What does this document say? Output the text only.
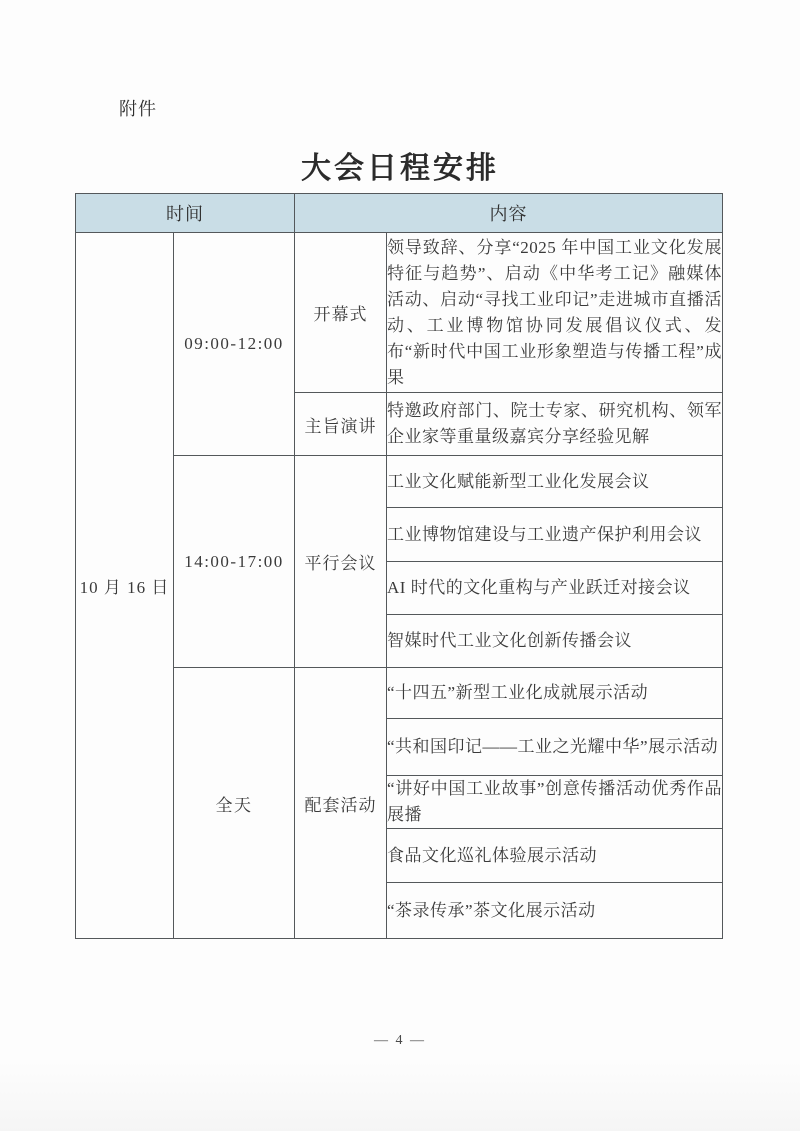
附件
大会日程安排
时间		内容	
10 月 16 日	09:00-12:00	开幕式	领导致辞、分享“2025 年中国工业文化发展特征与趋势”、启动《中华考工记》融媒体活动、启动“寻找工业印记”走进城市直播活动、工业博物馆协同发展倡议仪式、发布“新时代中国工业形象塑造与传播工程”成果
		主旨演讲	特邀政府部门、院士专家、研究机构、领军企业家等重量级嘉宾分享经验见解
	14:00-17:00	平行会议	工业文化赋能新型工业化发展会议
			工业博物馆建设与工业遗产保护利用会议
			AI 时代的文化重构与产业跃迁对接会议
			智媒时代工业文化创新传播会议
	全天	配套活动	“十四五”新型工业化成就展示活动
			“共和国印记——工业之光耀中华”展示活动
			“讲好中国工业故事”创意传播活动优秀作品展播
			食品文化巡礼体验展示活动
			“茶录传承”茶文化展示活动
— 4 —
